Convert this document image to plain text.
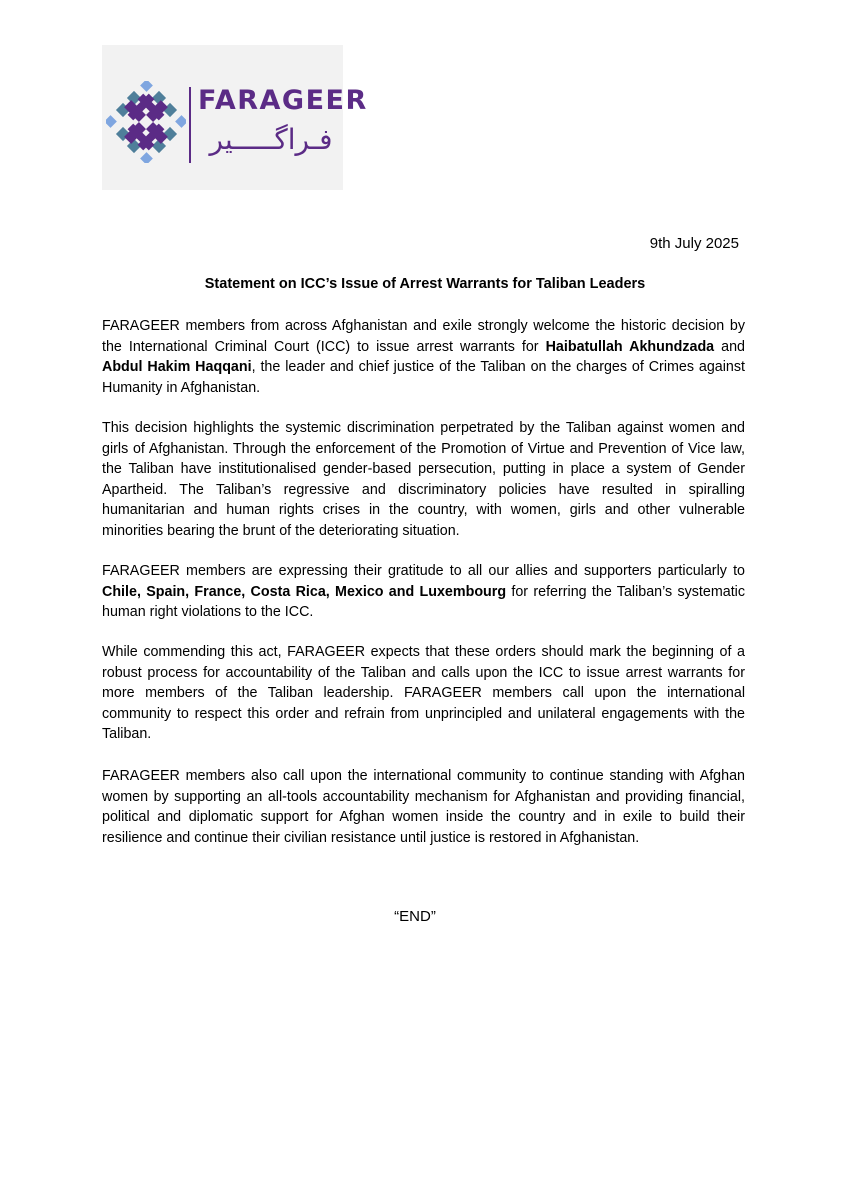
FARAGEER
فـراگـــــیر
9th July 2025
Statement on ICC’s Issue of Arrest Warrants for Taliban Leaders

FARAGEER members from across Afghanistan and exile strongly welcome the historic decision by the International Criminal Court (ICC) to issue arrest warrants for Haibatullah Akhundzada and Abdul Hakim Haqqani, the leader and chief justice of the Taliban on the charges of Crimes against Humanity in Afghanistan.

This decision highlights the systemic discrimination perpetrated by the Taliban against women and girls of Afghanistan. Through the enforcement of the Promotion of Virtue and Prevention of Vice law, the Taliban have institutionalised gender-based persecution, putting in place a system of Gender Apartheid. The Taliban’s regressive and discriminatory policies have resulted in spiralling humanitarian and human rights crises in the country, with women, girls and other vulnerable minorities bearing the brunt of the deteriorating situation.

FARAGEER members are expressing their gratitude to all our allies and supporters particularly to Chile, Spain, France, Costa Rica, Mexico and Luxembourg for referring the Taliban’s systematic human right violations to the ICC.

While commending this act, FARAGEER expects that these orders should mark the beginning of a robust process for accountability of the Taliban and calls upon the ICC to issue arrest warrants for more members of the Taliban leadership. FARAGEER members call upon the international community to respect this order and refrain from unprincipled and unilateral engagements with the Taliban.

FARAGEER members also call upon the international community to continue standing with Afghan women by supporting an all-tools accountability mechanism for Afghanistan and providing financial, political and diplomatic support for Afghan women inside the country and in exile to build their resilience and continue their civilian resistance until justice is restored in Afghanistan.

“END”
